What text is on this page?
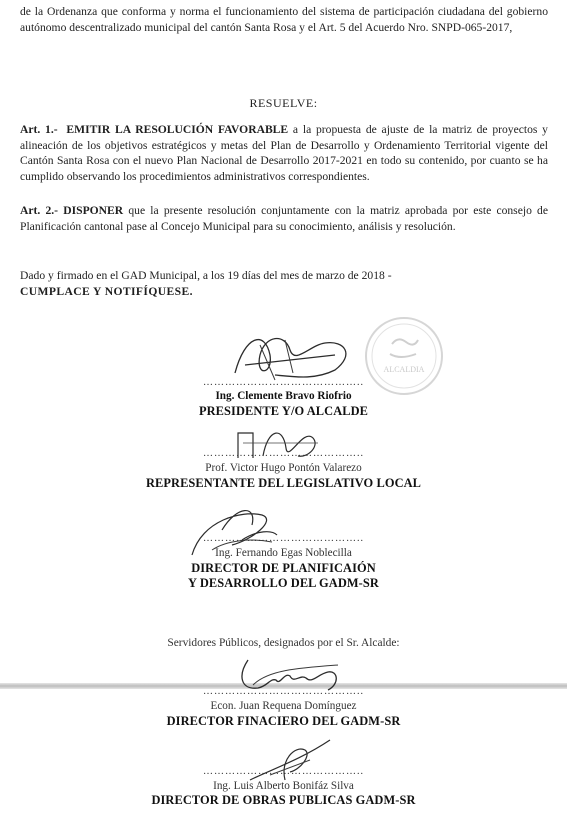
de la Ordenanza que conforma y norma el funcionamiento del sistema de participación ciudadana del gobierno autónomo descentralizado municipal del cantón Santa Rosa y el Art. 5 del Acuerdo Nro. SNPD-065-2017,

RESUELVE:

Art. 1.- EMITIR LA RESOLUCIÓN FAVORABLE a la propuesta de ajuste de la matriz de proyectos y alineación de los objetivos estratégicos y metas del Plan de Desarrollo y Ordenamiento Territorial vigente del Cantón Santa Rosa con el nuevo Plan Nacional de Desarrollo 2017-2021 en todo su contenido, por cuanto se ha cumplido observando los procedimientos administrativos correspondientes.

Art. 2.- DISPONER que la presente resolución conjuntamente con la matriz aprobada por este consejo de Planificación cantonal pase al Concejo Municipal para su conocimiento, análisis y resolución.

Dado y firmado en el GAD Municipal, a los 19 días del mes de marzo de 2018 -
CUMPLACE Y NOTIFÍQUESE.

ALCALDIA

……………………………………..

Ing. Clemente Bravo Riofrio

PRESIDENTE Y/O ALCALDE

……………………………………..

Prof. Victor Hugo Pontón Valarezo

REPRESENTANTE DEL LEGISLATIVO LOCAL

……………………………………..

Ing. Fernando Egas Noblecilla

DIRECTOR DE PLANIFICAIÓN

Y DESARROLLO DEL GADM-SR

Servidores Públicos, designados por el Sr. Alcalde:

……………………………………..

Econ. Juan Requena Domínguez

DIRECTOR FINACIERO DEL GADM-SR

……………………………………..

Ing. Luis Alberto Bonifáz Silva

DIRECTOR DE OBRAS PUBLICAS GADM-SR
